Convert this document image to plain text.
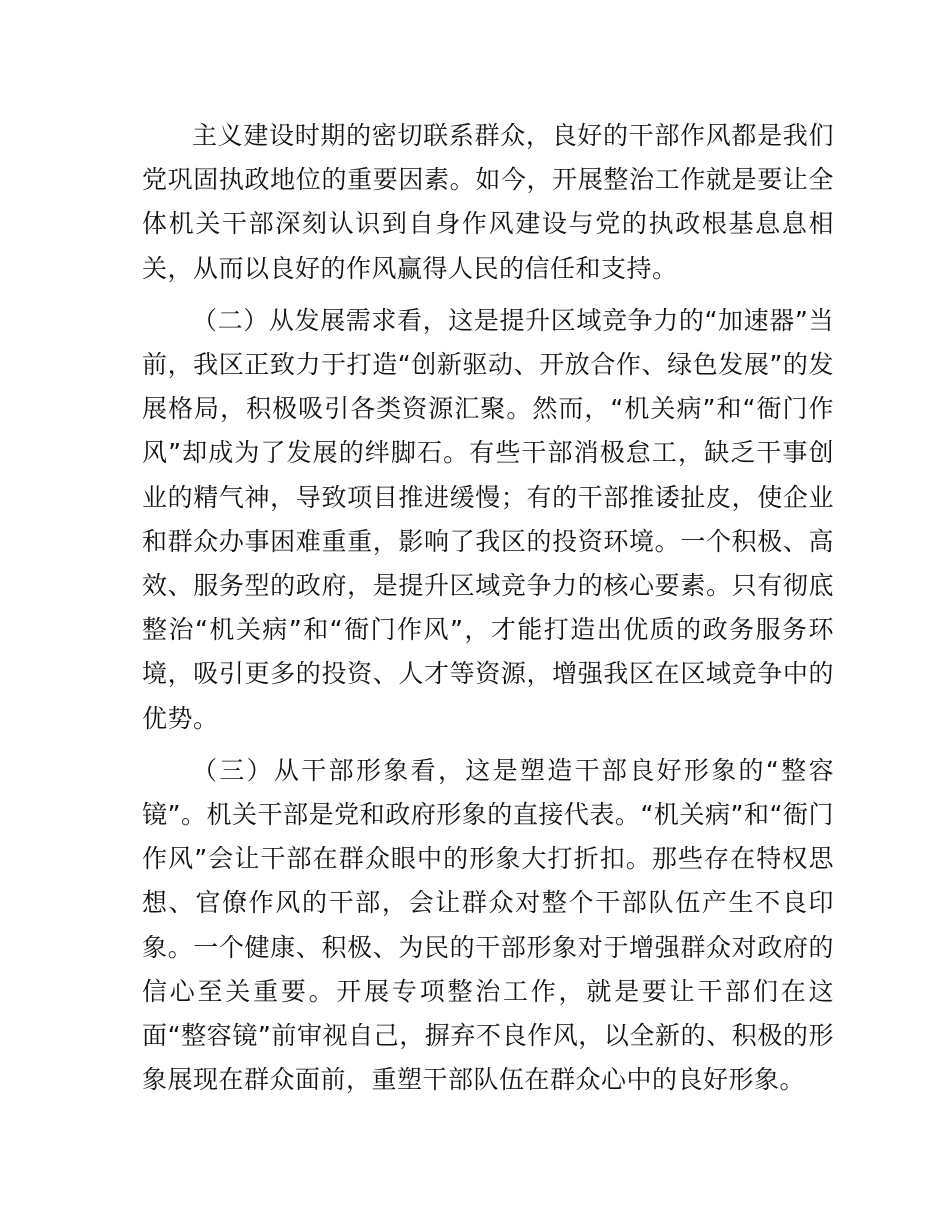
主义建设时期的密切联系群众，良好的干部作风都是我们党巩固执政地位的重要因素。如今，开展整治工作就是要让全体机关干部深刻认识到自身作风建设与党的执政根基息息相关，从而以良好的作风赢得人民的信任和支持。

（二）从发展需求看，这是提升区域竞争力的“加速器”当前，我区正致力于打造“创新驱动、开放合作、绿色发展”的发展格局，积极吸引各类资源汇聚。然而，“机关病”和“衙门作风”却成为了发展的绊脚石。有些干部消极怠工，缺乏干事创业的精气神，导致项目推进缓慢；有的干部推诿扯皮，使企业和群众办事困难重重，影响了我区的投资环境。一个积极、高效、服务型的政府，是提升区域竞争力的核心要素。只有彻底整治“机关病”和“衙门作风”，才能打造出优质的政务服务环境，吸引更多的投资、人才等资源，增强我区在区域竞争中的优势。

（三）从干部形象看，这是塑造干部良好形象的“整容镜”。机关干部是党和政府形象的直接代表。“机关病”和“衙门作风”会让干部在群众眼中的形象大打折扣。那些存在特权思想、官僚作风的干部，会让群众对整个干部队伍产生不良印象。一个健康、积极、为民的干部形象对于增强群众对政府的信心至关重要。开展专项整治工作，就是要让干部们在这面“整容镜”前审视自己，摒弃不良作风，以全新的、积极的形象展现在群众面前，重塑干部队伍在群众心中的良好形象。
